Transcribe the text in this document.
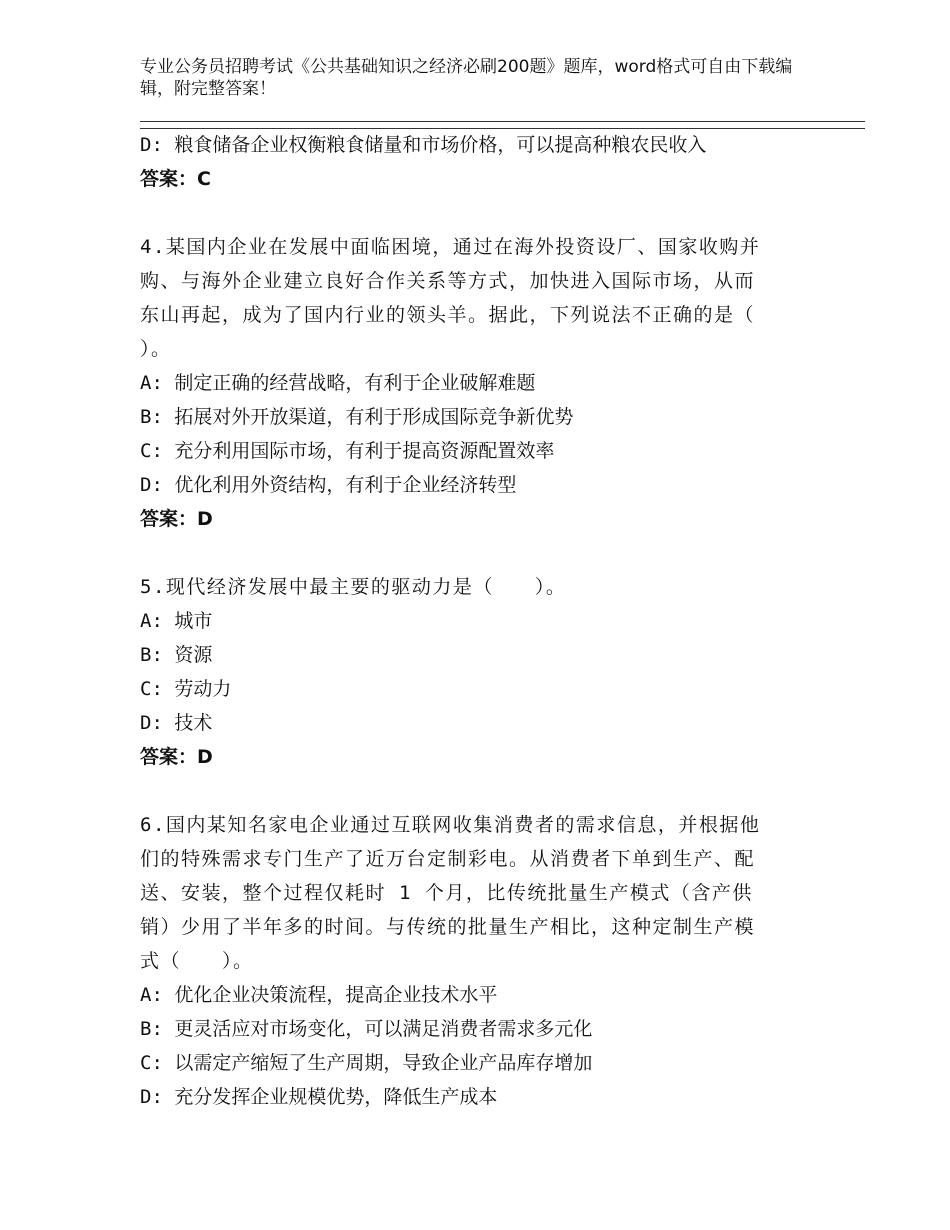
专业公务员招聘考试《公共基础知识之经济必刷200题》题库，word格式可自由下载编辑，附完整答案！
D: 粮食储备企业权衡粮食储量和市场价格，可以提高种粮农民收入
答案：C
4.某国内企业在发展中面临困境，通过在海外投资设厂、国家收购并
购、与海外企业建立良好合作关系等方式，加快进入国际市场，从而
东山再起，成为了国内行业的领头羊。据此，下列说法不正确的是（
）。
A: 制定正确的经营战略，有利于企业破解难题
B: 拓展对外开放渠道，有利于形成国际竞争新优势
C: 充分利用国际市场，有利于提高资源配置效率
D: 优化利用外资结构，有利于企业经济转型
答案：D
5.现代经济发展中最主要的驱动力是（　　）。
A: 城市
B: 资源
C: 劳动力
D: 技术
答案：D
6.国内某知名家电企业通过互联网收集消费者的需求信息，并根据他
们的特殊需求专门生产了近万台定制彩电。从消费者下单到生产、配
送、安装，整个过程仅耗时 1 个月，比传统批量生产模式（含产供
销）少用了半年多的时间。与传统的批量生产相比，这种定制生产模
式（　　）。
A: 优化企业决策流程，提高企业技术水平
B: 更灵活应对市场变化，可以满足消费者需求多元化
C: 以需定产缩短了生产周期，导致企业产品库存增加
D: 充分发挥企业规模优势，降低生产成本
